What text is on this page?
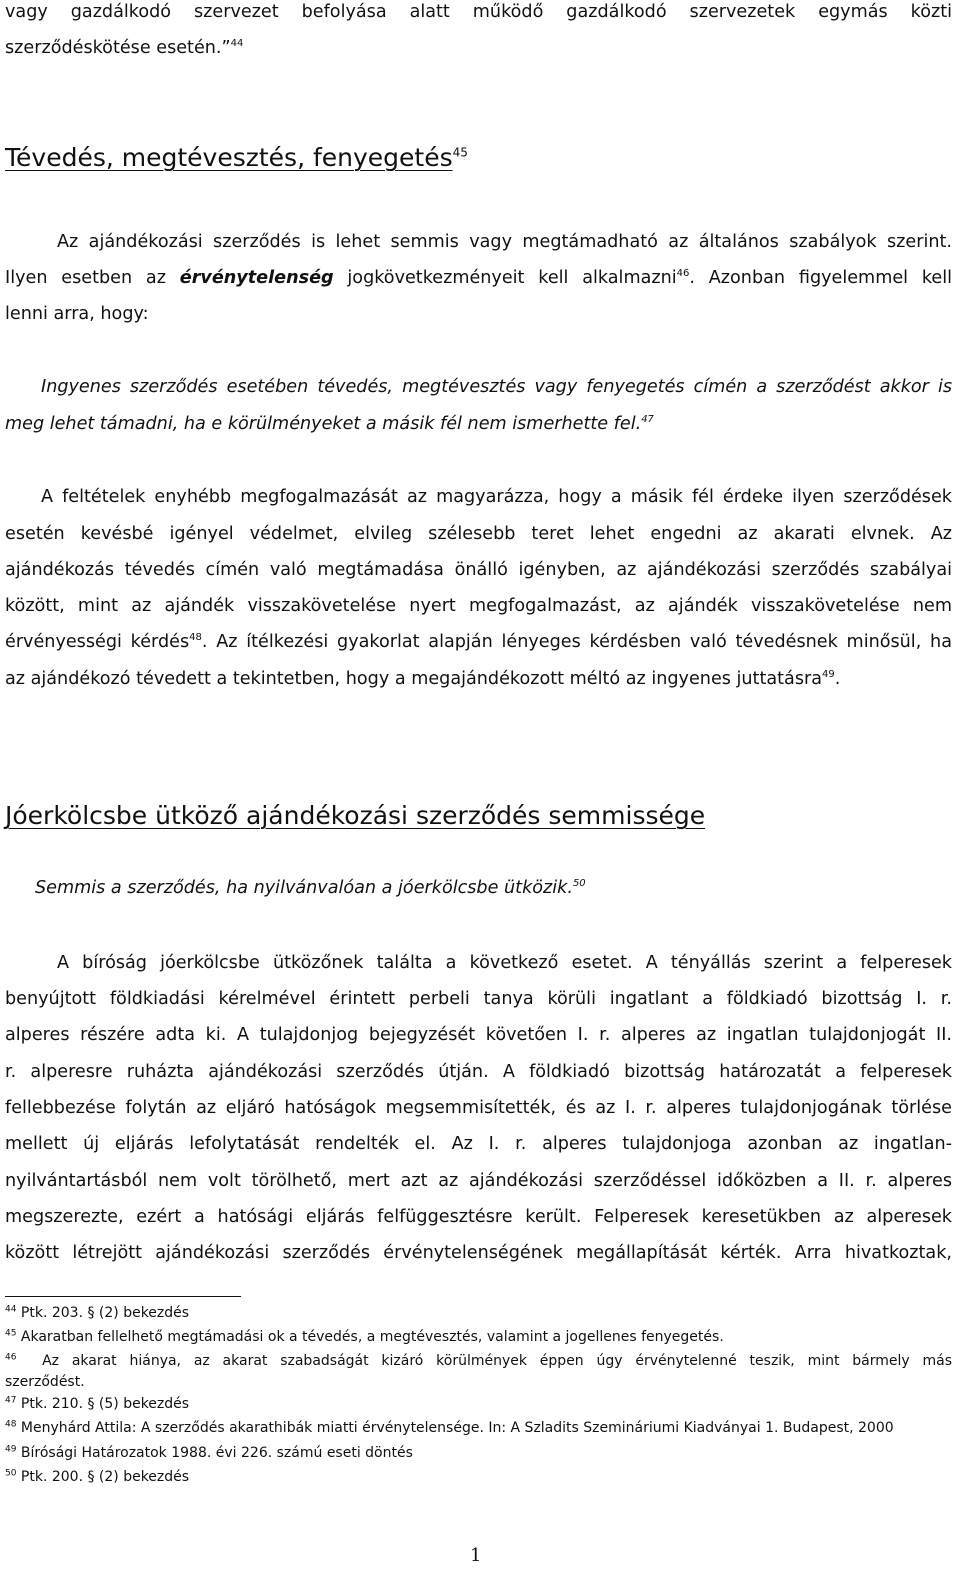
vagy gazdálkodó szervezet befolyása alatt működő gazdálkodó szervezetek egymás közti
szerződéskötése esetén.”$^{44}$
Tévedés, megtévesztés, fenyegetés$^{45}$
Az ajándékozási szerződés is lehet semmis vagy megtámadható az általános szabályok szerint.
Ilyen esetben az érvénytelenség jogkövetkezményeit kell alkalmazni$^{46}$. Azonban figyelemmel kell
lenni arra, hogy:
Ingyenes szerződés esetében tévedés, megtévesztés vagy fenyegetés címén a szerződést akkor is
meg lehet támadni, ha e körülményeket a másik fél nem ismerhette fel.$^{47}$
A feltételek enyhébb megfogalmazását az magyarázza, hogy a másik fél érdeke ilyen szerződések
esetén kevésbé igényel védelmet, elvileg szélesebb teret lehet engedni az akarati elvnek. Az
ajándékozás tévedés címén való megtámadása önálló igényben, az ajándékozási szerződés szabályai
között, mint az ajándék visszakövetelése nyert megfogalmazást, az ajándék visszakövetelése nem
érvényességi kérdés$^{48}$. Az ítélkezési gyakorlat alapján lényeges kérdésben való tévedésnek minősül, ha
az ajándékozó tévedett a tekintetben, hogy a megajándékozott méltó az ingyenes juttatásra$^{49}$.
Jóerkölcsbe ütköző ajándékozási szerződés semmissége
Semmis a szerződés, ha nyilvánvalóan a jóerkölcsbe ütközik.$^{50}$
A bíróság jóerkölcsbe ütközőnek találta a következő esetet. A tényállás szerint a felperesek
benyújtott földkiadási kérelmével érintett perbeli tanya körüli ingatlant a földkiadó bizottság I. r.
alperes részére adta ki. A tulajdonjog bejegyzését követően I. r. alperes az ingatlan tulajdonjogát II.
r. alperesre ruházta ajándékozási szerződés útján. A földkiadó bizottság határozatát a felperesek
fellebbezése folytán az eljáró hatóságok megsemmisítették, és az I. r. alperes tulajdonjogának törlése
mellett új eljárás lefolytatását rendelték el. Az I. r. alperes tulajdonjoga azonban az ingatlan-
nyilvántartásból nem volt törölhető, mert azt az ajándékozási szerződéssel időközben a II. r. alperes
megszerezte, ezért a hatósági eljárás felfüggesztésre került. Felperesek keresetükben az alperesek
között létrejött ajándékozási szerződés érvénytelenségének megállapítását kérték. Arra hivatkoztak,
$^{44}$ Ptk. 203. § (2) bekezdés
$^{45}$ Akaratban fellelhető megtámadási ok a tévedés, a megtévesztés, valamint a jogellenes fenyegetés.
$^{46}$ Az akarat hiánya, az akarat szabadságát kizáró körülmények éppen úgy érvénytelenné teszik, mint bármely más
szerződést.
$^{47}$ Ptk. 210. § (5) bekezdés
$^{48}$ Menyhárd Attila: A szerződés akarathibák miatti érvénytelensége. In: A Szladits Szemináriumi Kiadványai 1. Budapest, 2000
$^{49}$ Bírósági Határozatok 1988. évi 226. számú eseti döntés
$^{50}$ Ptk. 200. § (2) bekezdés
1
